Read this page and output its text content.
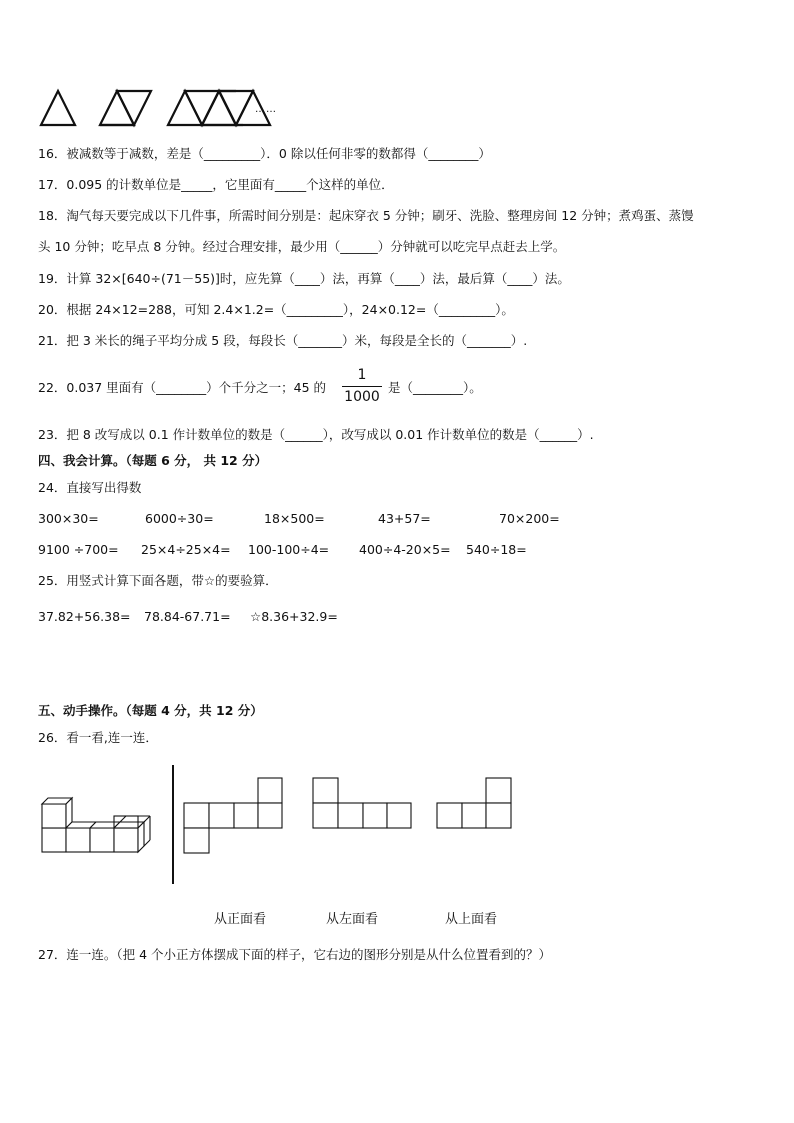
……
16．被减数等于减数，差是（_________）．0 除以任何非零的数都得（________）
17．0.095 的计数单位是_____，它里面有_____个这样的单位．
18．淘气每天要完成以下几件事，所需时间分别是：起床穿衣 5 分钟；刷牙、洗脸、整理房间 12 分钟；煮鸡蛋、蒸馒
头 10 分钟；吃早点 8 分钟。经过合理安排，最少用（______）分钟就可以吃完早点赶去上学。
19．计算 32×[640÷(71－55)]时，应先算（____）法，再算（____）法，最后算（____）法。
20．根据 24×12=288，可知 2.4×1.2=（_________），24×0.12=（_________）。
21．把 3 米长的绳子平均分成 5 段，每段长（_______）米，每段是全长的（_______）.
22．0.037 里面有（________）个千分之一；45 的
1
1000
是（________）。
23．把 8 改写成以 0.1 作计数单位的数是（______），改写成以 0.01 作计数单位的数是（______）.
四、我会计算。（每题 6 分， 共 12 分）
24．直接写出得数
300×30=	6000÷30=	18×500=	43+57=	70×200=
9100 ÷700= 25×4÷25×4= 100-100÷4= 400÷4-20×5= 540÷18=
25．用竖式计算下面各题，带☆的要验算．
37.82+56.38= 78.84-67.71= ☆8.36+32.9=
五、动手操作。（每题 4 分，共 12 分）
26．看一看,连一连．
从正面看	从左面看	从上面看
27．连一连。（把 4 个小正方体摆成下面的样子，它右边的图形分别是从什么位置看到的？）
